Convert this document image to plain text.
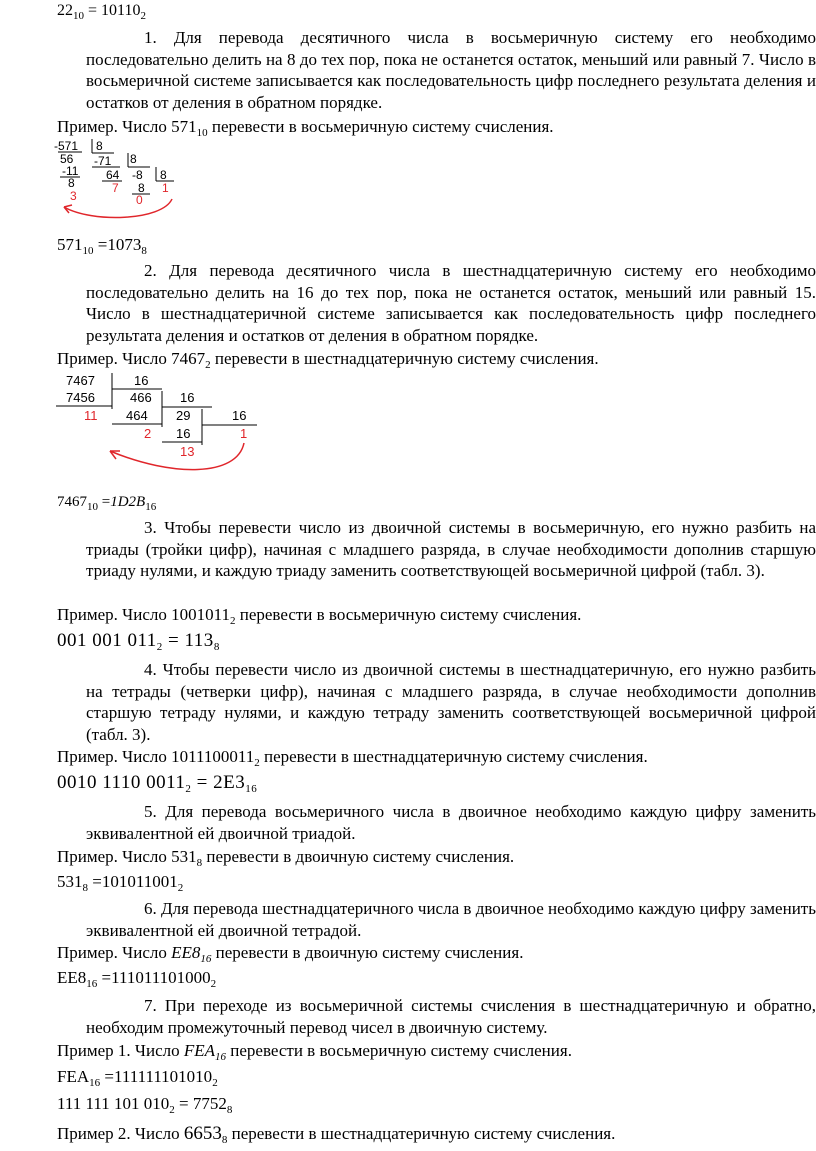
$22_{10} = 10110_2$
1. Для перевода десятичного числа в восьмеричную систему его необходимо последовательно делить на 8 до тех пор, пока не останется остаток, меньший или равный 7. Число в восьмеричной системе записывается как последовательность цифр последнего результата деления и остатков от деления в обратном порядке.
Пример. Число $571_{10}$ перевести в восьмеричную систему счисления.
-571 8
56 -71 8
-11 64 -8 8
8	8
3
7
0
1
$571_{10} =1073_8$
2. Для перевода десятичного числа в шестнадцатеричную систему его необходимо последовательно делить на 16 до тех пор, пока не останется остаток, меньший или равный 15. Число в шестнадцатеричной системе записывается как последовательность цифр последнего результата деления и остатков от деления в обратном порядке.
Пример. Число $7467_2$ перевести в шестнадцатеричную систему счисления.
7467	16
7456	466 16
464 29	16
16
11
2	1
13
$7467_{10} =1D2B_{16}$
3. Чтобы перевести число из двоичной системы в восьмеричную, его нужно разбить на триады (тройки цифр), начиная с младшего разряда, в случае необходимости дополнив старшую триаду нулями, и каждую триаду заменить соответствующей восьмеричной цифрой (табл. 3).
Пример. Число $1001011_2$ перевести в восьмеричную систему счисления.
001 001 $011_2 = 113_8$
4. Чтобы перевести число из двоичной системы в шестнадцатеричную, его нужно разбить на тетрады (четверки цифр), начиная с младшего разряда, в случае необходимости дополнив старшую тетраду нулями, и каждую тетраду заменить соответствующей восьмеричной цифрой (табл. 3).
Пример. Число $1011100011_2$ перевести в шестнадцатеричную систему счисления.
0010 1110 $0011_2 = 2E3_{16}$
5. Для перевода восьмеричного числа в двоичное необходимо каждую цифру заменить эквивалентной ей двоичной триадой.
Пример. Число $531_8$ перевести в двоичную систему счисления.
$531_8 =101011001_2$
6. Для перевода шестнадцатеричного числа в двоичное необходимо каждую цифру заменить эквивалентной ей двоичной тетрадой.
Пример. Число $EE8_{16}$ перевести в двоичную систему счисления.
$EE8_{16} =111011101000_2$
7. При переходе из восьмеричной системы счисления в шестнадцатеричную и обратно, необходим промежуточный перевод чисел в двоичную систему.
Пример 1. Число $FEA_{16}$ перевести в восьмеричную систему счисления.
$FEA_{16} =111111101010_2$
111 111 101 $010_2 = 7752_8$
Пример 2. Число $6653_8$ перевести в шестнадцатеричную систему счисления.
